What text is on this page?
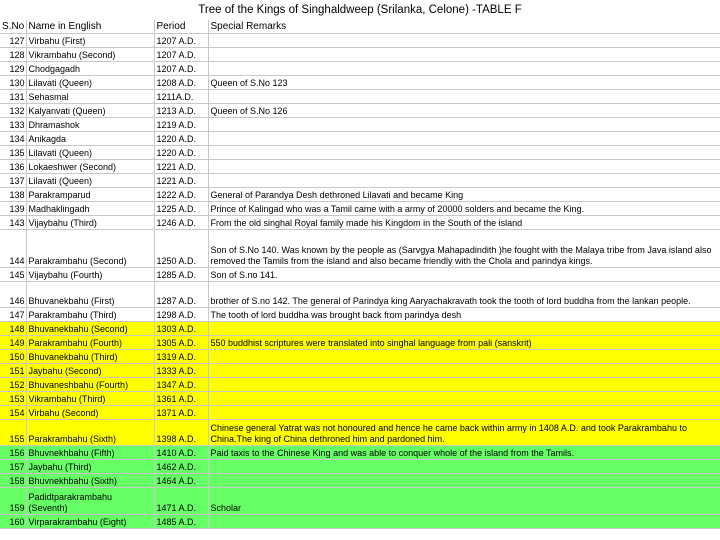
Tree of the Kings of Singhaldweep (Srilanka, Celone) -TABLE F
S.No	Name in English	Period	Special Remarks
127	Virbahu (First)	1207 A.D.	
128	Vikrambahu (Second)	1207 A.D.	
129	Chodgagadh	1207 A.D.	
130	Lilavati (Queen)	1208 A.D.	Queen of S.No 123
131	Sehasmal	1211A.D.	
132	Kalyanvati (Queen)	1213 A.D.	Queen of S.No 126
133	Dhramashok	1219 A.D.	
134	Anikagda	1220 A.D.	
135	Lilavati (Queen)	1220 A.D.	
136	Lokaeshwer (Second)	1221 A.D.	
137	Lilavati (Queen)	1221 A.D.	
138	Parakramparud	1222 A.D.	General of Parandya Desh dethroned Lilavati and became King
139	Madhaklingadh	1225 A.D.	Prince of Kalingad who was a Tamil came with a army of 20000 solders and became the King.
143	Vijaybahu (Third)	1246 A.D.	From the old singhal Royal family made his Kingdom in the South of the island
144	Parakrambahu (Second)	1250 A.D.	Son of S.No 140. Was known by the people as (Sarvgya Mahapadindith )he fought with the Malaya tribe from Java island also removed the Tamils from the island and also became friendly with the Chola and parindya kings.
145	Vijaybahu (Fourth)	1285 A.D.	Son of S.no 141.
146	Bhuvanekbahu (First)	1287 A.D.	brother of S.no 142. The general of Parindya king Aaryachakravath took the tooth of lord buddha from the lankan people.
147	Parakrambahu (Third)	1298 A.D.	The tooth of lord buddha was brought back from parindya desh
148	Bhuvanekbahu (Second)	1303 A.D.	
149	Parakrambahu (Fourth)	1305 A.D.	550 buddhist scriptures were translated into singhal language from pali (sanskrit)
150	Bhuvanekbahu (Third)	1319 A.D.	
151	Jaybahu (Second)	1333 A.D.	
152	Bhuvaneshbahu (Fourth)	1347 A.D.	
153	Vikrambahu (Third)	1361 A.D.	
154	Virbahu (Second)	1371 A.D.	
155	Parakrambahu (Sixth)	1398 A.D.	Chinese general Yatrat was not honoured and hence he came back within army in 1408 A.D. and took Parakrambahu to China.The king of China dethroned him and pardoned him.
156	Bhuvnekhbahu (Fifth)	1410 A.D.	Paid taxis to the Chinese King and was able to conquer whole of the island from the Tamils.
157	Jaybahu (Third)	1462 A.D.	
158	Bhuvnekhbahu (Sixth)	1464 A.D.	
159	Padidtparakrambahu (Seventh)	1471 A.D.	Scholar
160	Virparakrambahu (Eight)	1485 A.D.	
